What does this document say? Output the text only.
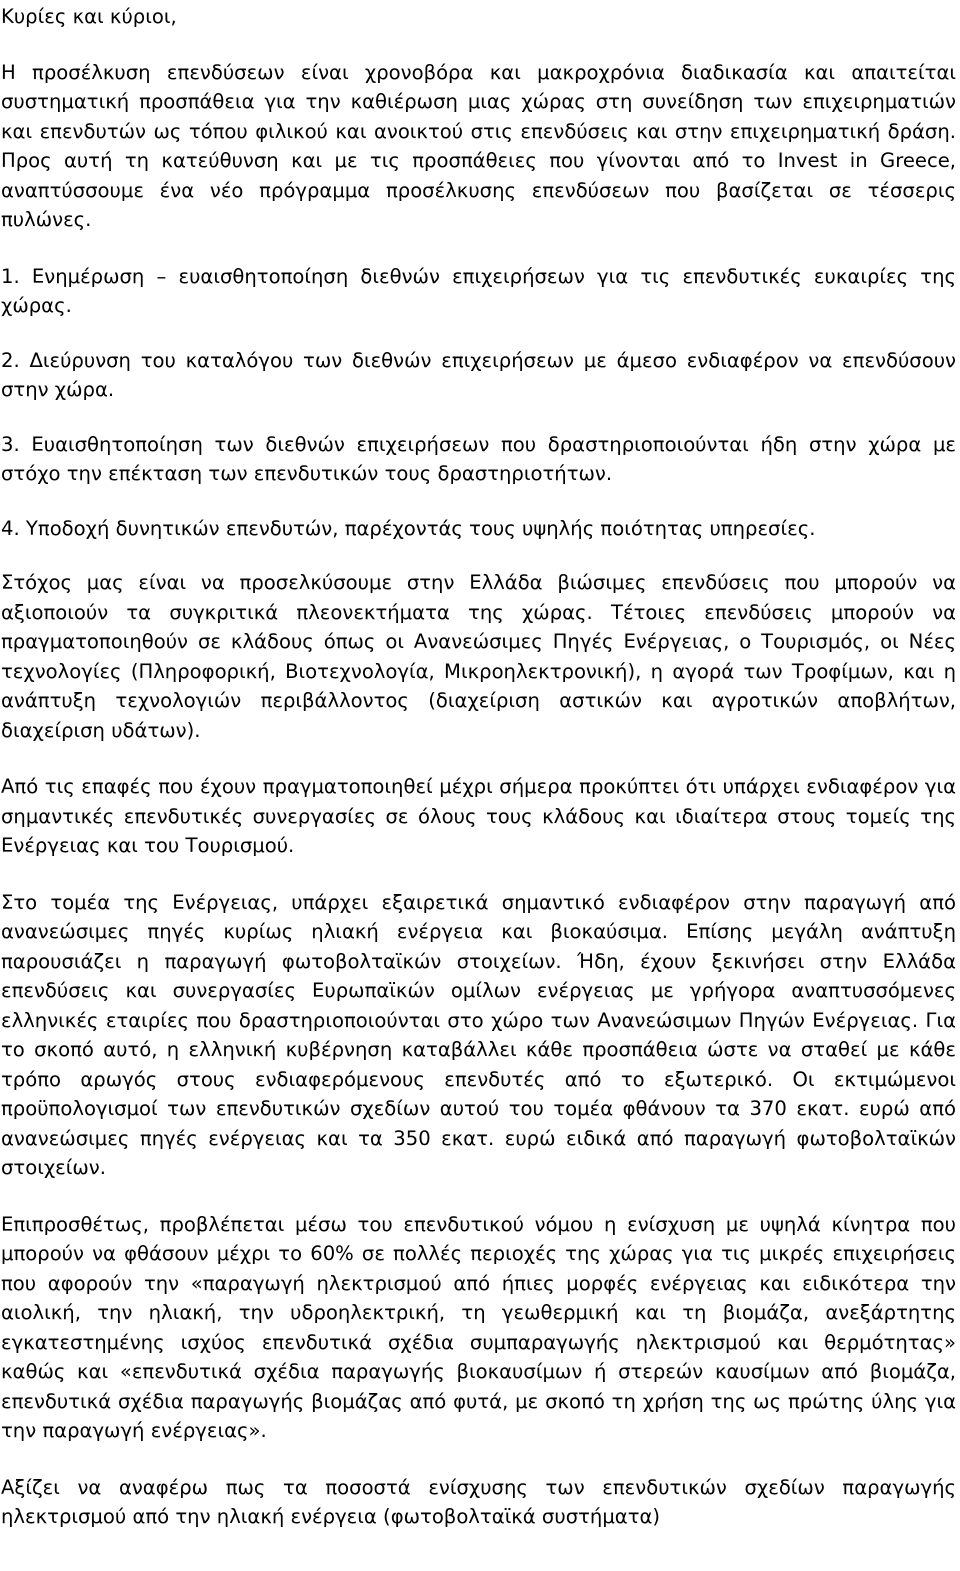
Κυρίες και κύριοι,

Η προσέλκυση επενδύσεων είναι χρονοβόρα και μακροχρόνια διαδικασία και απαιτείται συστηματική προσπάθεια για την καθιέρωση μιας χώρας στη συνείδηση των επιχειρηματιών και επενδυτών ως τόπου φιλικού και ανοικτού στις επενδύσεις και στην επιχειρηματική δράση. Προς αυτή τη κατεύθυνση και με τις προσπάθειες που γίνονται από το Invest in Greece, αναπτύσσουμε ένα νέο πρόγραμμα προσέλκυσης επενδύσεων που βασίζεται σε τέσσερις πυλώνες.

1. Ενημέρωση – ευαισθητοποίηση διεθνών επιχειρήσεων για τις επενδυτικές ευκαιρίες της χώρας.

2. Διεύρυνση του καταλόγου των διεθνών επιχειρήσεων με άμεσο ενδιαφέρον να επενδύσουν στην χώρα.

3. Ευαισθητοποίηση των διεθνών επιχειρήσεων που δραστηριοποιούνται ήδη στην χώρα με στόχο την επέκταση των επενδυτικών τους δραστηριοτήτων.

4. Υποδοχή δυνητικών επενδυτών, παρέχοντάς τους υψηλής ποιότητας υπηρεσίες.

Στόχος μας είναι να προσελκύσουμε στην Ελλάδα βιώσιμες επενδύσεις που μπορούν να αξιοποιούν τα συγκριτικά πλεονεκτήματα της χώρας. Τέτοιες επενδύσεις μπορούν να πραγματοποιηθούν σε κλάδους όπως οι Ανανεώσιμες Πηγές Ενέργειας, ο Τουρισμός, οι Νέες τεχνολογίες (Πληροφορική, Βιοτεχνολογία, Μικροηλεκτρονική), η αγορά των Τροφίμων, και η ανάπτυξη τεχνολογιών περιβάλλοντος (διαχείριση αστικών και αγροτικών αποβλήτων, διαχείριση υδάτων).

Από τις επαφές που έχουν πραγματοποιηθεί μέχρι σήμερα προκύπτει ότι υπάρχει ενδιαφέρον για σημαντικές επενδυτικές συνεργασίες σε όλους τους κλάδους και ιδιαίτερα στους τομείς της Ενέργειας και του Τουρισμού.

Στο τομέα της Ενέργειας, υπάρχει εξαιρετικά σημαντικό ενδιαφέρον στην παραγωγή από ανανεώσιμες πηγές κυρίως ηλιακή ενέργεια και βιοκαύσιμα. Επίσης μεγάλη ανάπτυξη παρουσιάζει η παραγωγή φωτοβολταϊκών στοιχείων. Ήδη, έχουν ξεκινήσει στην Ελλάδα επενδύσεις και συνεργασίες Ευρωπαϊκών ομίλων ενέργειας με γρήγορα αναπτυσσόμενες ελληνικές εταιρίες που δραστηριοποιούνται στο χώρο των Ανανεώσιμων Πηγών Ενέργειας. Για το σκοπό αυτό, η ελληνική κυβέρνηση καταβάλλει κάθε προσπάθεια ώστε να σταθεί με κάθε τρόπο αρωγός στους ενδιαφερόμενους επενδυτές από το εξωτερικό. Οι εκτιμώμενοι προϋπολογισμοί των επενδυτικών σχεδίων αυτού του τομέα φθάνουν τα 370 εκατ. ευρώ από ανανεώσιμες πηγές ενέργειας και τα 350 εκατ. ευρώ ειδικά από παραγωγή φωτοβολταϊκών στοιχείων.

Επιπροσθέτως, προβλέπεται μέσω του επενδυτικού νόμου η ενίσχυση με υψηλά κίνητρα που μπορούν να φθάσουν μέχρι το 60% σε πολλές περιοχές της χώρας για τις μικρές επιχειρήσεις που αφορούν την «παραγωγή ηλεκτρισμού από ήπιες μορφές ενέργειας και ειδικότερα την αιολική, την ηλιακή, την υδροηλεκτρική, τη γεωθερμική και τη βιομάζα, ανεξάρτητης εγκατεστημένης ισχύος επενδυτικά σχέδια συμπαραγωγής ηλεκτρισμού και θερμότητας» καθώς και «επενδυτικά σχέδια παραγωγής βιοκαυσίμων ή στερεών καυσίμων από βιομάζα, επενδυτικά σχέδια παραγωγής βιομάζας από φυτά, με σκοπό τη χρήση της ως πρώτης ύλης για την παραγωγή ενέργειας».

Αξίζει να αναφέρω πως τα ποσοστά ενίσχυσης των επενδυτικών σχεδίων παραγωγής ηλεκτρισμού από την ηλιακή ενέργεια (φωτοβολταϊκά συστήματα)
